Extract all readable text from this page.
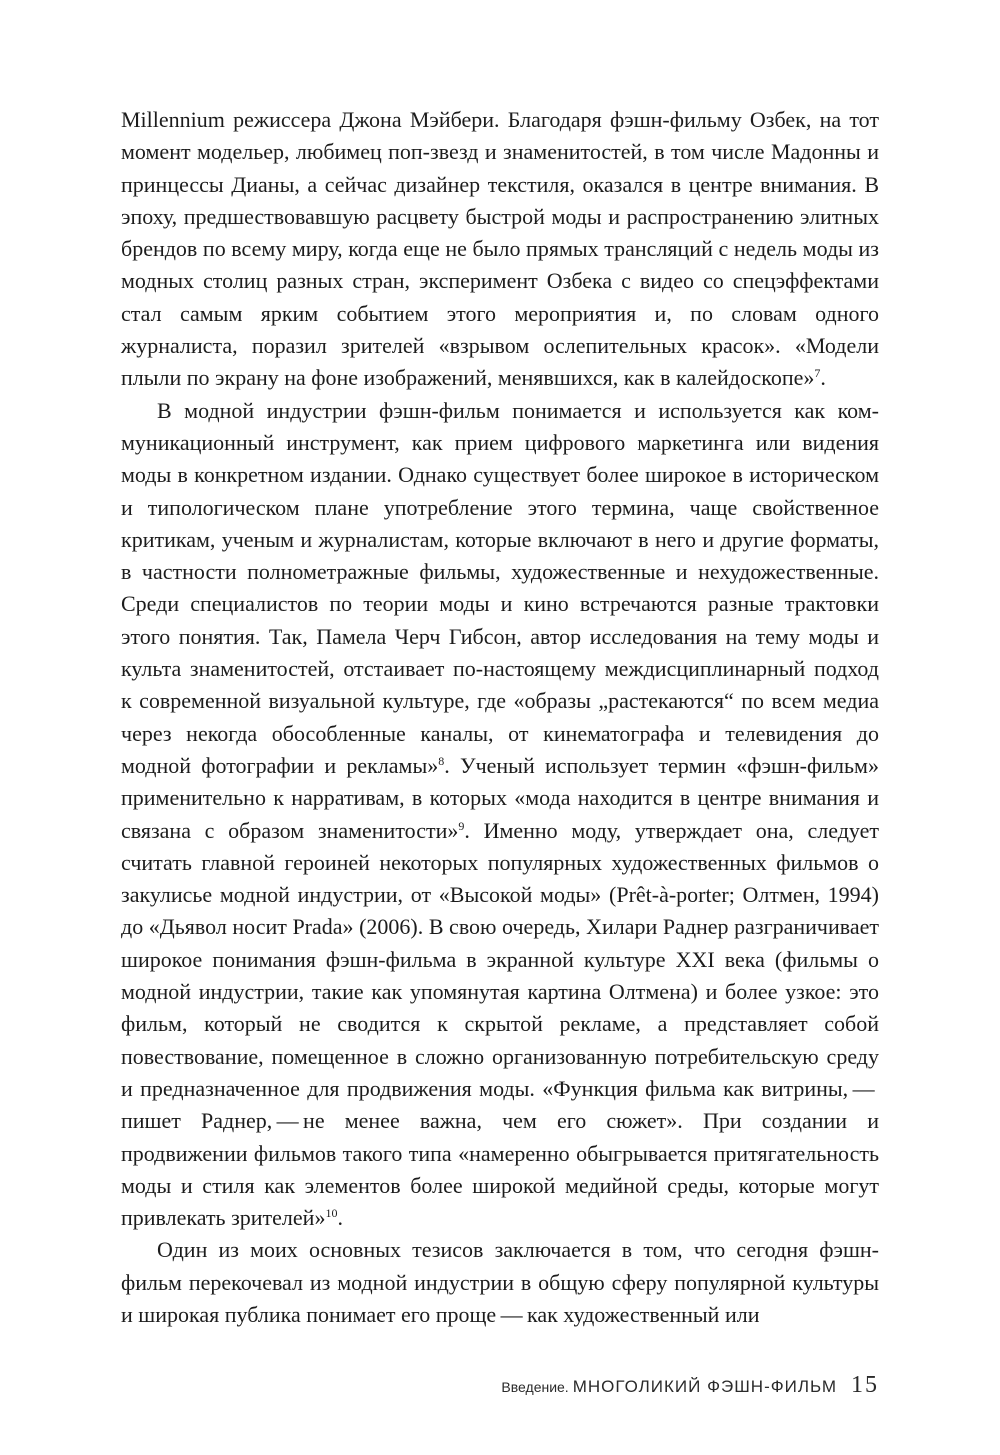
Millennium режиссера Джона Мэйбери. Благодаря фэшн-фильму Озбек, на тот момент модельер, любимец поп-звезд и знаменитостей, в том числе Мадонны и принцессы Дианы, а сейчас дизайнер текстиля, оказался в центре внимания. В эпоху, предшествовавшую расцвету быстрой моды и распространению элитных брендов по всему миру, когда еще не было прямых трансляций с недель моды из модных столиц разных стран, эксперимент Озбека с видео со спецэффектами стал самым ярким событием этого мероприятия и, по словам одного журналиста, поразил зрителей «взрывом ослепительных красок». «Модели плыли по экрану на фоне изображений, менявшихся, как в калейдоскопе»$^7$.

В модной индустрии фэшн-фильм понимается и используется как коммуникационный инструмент, как прием цифрового маркетинга или видения моды в конкретном издании. Однако существует более широкое в историческом и типологическом плане употребление этого термина, чаще свойственное критикам, ученым и журналистам, которые включают в него и другие форматы, в частности полнометражные фильмы, художественные и нехудожественные. Среди специалистов по теории моды и кино встречаются разные трактовки этого понятия. Так, Памела Черч Гибсон, автор исследования на тему моды и культа знаменитостей, отстаивает по-настоящему междисциплинарный подход к современной визуальной культуре, где «образы „растекаются“ по всем медиа через некогда обособленные каналы, от кинематографа и телевидения до модной фотографии и рекламы»$^8$. Ученый использует термин «фэшн-фильм» применительно к нарративам, в которых «мода находится в центре внимания и связана с образом знаменитости»$^9$. Именно моду, утверждает она, следует считать главной героиней некоторых популярных художественных фильмов о закулисье модной индустрии, от «Высокой моды» (Prêt-à-porter; Олтмен, 1994) до «Дьявол носит Prada» (2006). В свою очередь, Хилари Раднер разграничивает широкое понимания фэшн-фильма в экранной культуре XXI века (фильмы о модной индустрии, такие как упомянутая картина Олтмена) и более узкое: это фильм, который не сводится к скрытой рекламе, а представляет собой повествование, помещенное в сложно организованную потребительскую среду и предназначенное для продвижения моды. «Функция фильма как витрины, — пишет Раднер, — не менее важна, чем его сюжет». При создании и продвижении фильмов такого типа «намеренно обыгрывается притягательность моды и стиля как элементов более широкой медийной среды, которые могут привлекать зрителей»$^{10}$.

Один из моих основных тезисов заключается в том, что сегодня фэшн-фильм перекочевал из модной индустрии в общую сферу популярной культуры и широкая публика понимает его проще — как художественный или

Введение. МНОГОЛИКИЙ ФЭШН-ФИЛЬМ 15
